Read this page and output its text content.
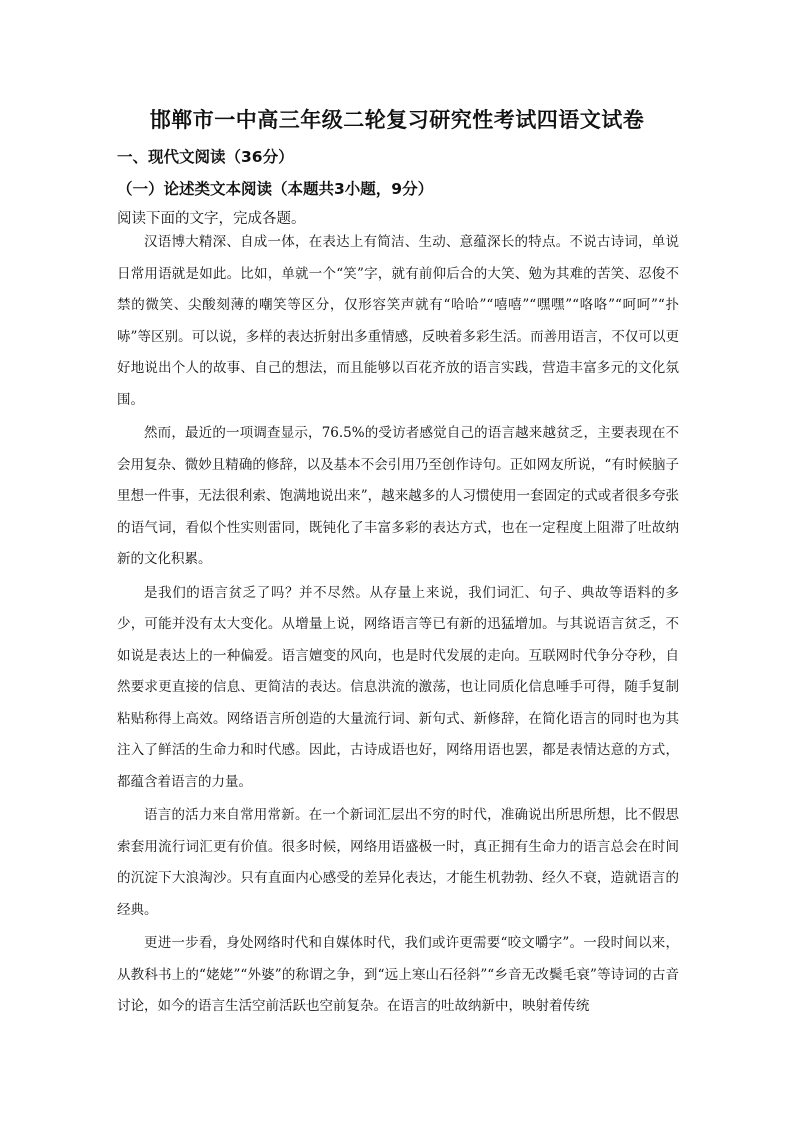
邯郸市一中高三年级二轮复习研究性考试四语文试卷
一、现代文阅读（36分）
（一）论述类文本阅读（本题共3小题，9分）
阅读下面的文字，完成各题。

汉语博大精深、自成一体，在表达上有简洁、生动、意蕴深长的特点。不说古诗词，单说日常用语就是如此。比如，单就一个“笑”字，就有前仰后合的大笑、勉为其难的苦笑、忍俊不禁的微笑、尖酸刻薄的嘲笑等区分，仅形容笑声就有“哈哈”“嘻嘻”“嘿嘿”“咯咯”“呵呵”“扑哧”等区别。可以说，多样的表达折射出多重情感，反映着多彩生活。而善用语言，不仅可以更好地说出个人的故事、自己的想法，而且能够以百花齐放的语言实践，营造丰富多元的文化氛围。

然而，最近的一项调查显示，76.5%的受访者感觉自己的语言越来越贫乏，主要表现在不会用复杂、微妙且精确的修辞，以及基本不会引用乃至创作诗句。正如网友所说，“有时候脑子里想一件事，无法很利索、饱满地说出来”，越来越多的人习惯使用一套固定的式或者很多夸张的语气词，看似个性实则雷同，既钝化了丰富多彩的表达方式，也在一定程度上阻滞了吐故纳新的文化积累。

是我们的语言贫乏了吗？并不尽然。从存量上来说，我们词汇、句子、典故等语料的多少，可能并没有太大变化。从增量上说，网络语言等已有新的迅猛增加。与其说语言贫乏，不如说是表达上的一种偏爱。语言嬗变的风向，也是时代发展的走向。互联网时代争分夺秒，自然要求更直接的信息、更简洁的表达。信息洪流的激荡，也让同质化信息唾手可得，随手复制粘贴称得上高效。网络语言所创造的大量流行词、新句式、新修辞，在简化语言的同时也为其注入了鲜活的生命力和时代感。因此，古诗成语也好，网络用语也罢，都是表情达意的方式，都蕴含着语言的力量。

语言的活力来自常用常新。在一个新词汇层出不穷的时代，准确说出所思所想，比不假思索套用流行词汇更有价值。很多时候，网络用语盛极一时，真正拥有生命力的语言总会在时间的沉淀下大浪淘沙。只有直面内心感受的差异化表达，才能生机勃勃、经久不衰，造就语言的经典。

更进一步看，身处网络时代和自媒体时代，我们或许更需要“咬文嚼字”。一段时间以来，从教科书上的“姥姥”“外婆”的称谓之争，到“远上寒山石径斜”“乡音无改鬓毛衰”等诗词的古音讨论，如今的语言生活空前活跃也空前复杂。在语言的吐故纳新中，映射着传统
